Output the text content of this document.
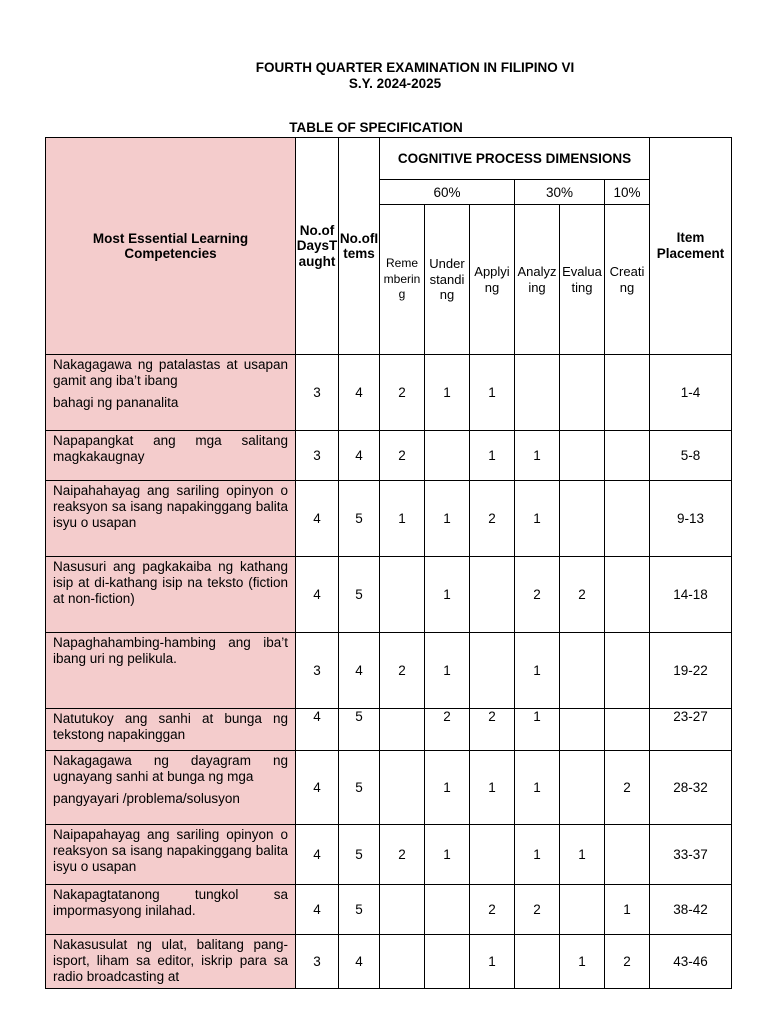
FOURTH QUARTER EXAMINATION IN FILIPINO VI
S.Y. 2024-2025
TABLE OF SPECIFICATION
Most Essential Learning Competencies	No.ofDaysTaught	No.ofItems	COGNITIVE PROCESS DIMENSIONS						Item Placement
			60%			30%		10%	
			Remembering	Understanding	Applying	Analyzing	Evaluating	Creating	
Nakagagawa ng patalastas at usapan gamit ang iba’t ibang
bahagi ng pananalita	3	4	2	1	1				1-4
Napapangkat ang mga salitang magkakaugnay	3	4	2		1	1			5-8
Naipahahayag ang sariling opinyon o reaksyon sa isang napakinggang balita isyu o usapan	4	5	1	1	2	1			9-13
Nasusuri ang pagkakaiba ng kathang isip at di-kathang isip na teksto (fiction at non-fiction)	4	5		1		2	2		14-18
Napaghahambing-hambing ang iba’t ibang uri ng pelikula.	3	4	2	1		1			19-22
Natutukoy ang sanhi at bunga ng tekstong napakinggan	4	5		2	2	1			23-27
Nakagagawa ng dayagram ng ugnayang sanhi at bunga ng mga
pangyayari /problema/solusyon	4	5		1	1	1		2	28-32
Naipapahayag ang sariling opinyon o reaksyon sa isang napakinggang balita isyu o usapan	4	5	2	1		1	1		33-37
Nakapagtatanong tungkol sa impormasyong inilahad.	4	5			2	2		1	38-42
Nakasusulat ng ulat, balitang pang-isport, liham sa editor, iskrip para sa radio broadcasting at	3	4			1		1	2	43-46
